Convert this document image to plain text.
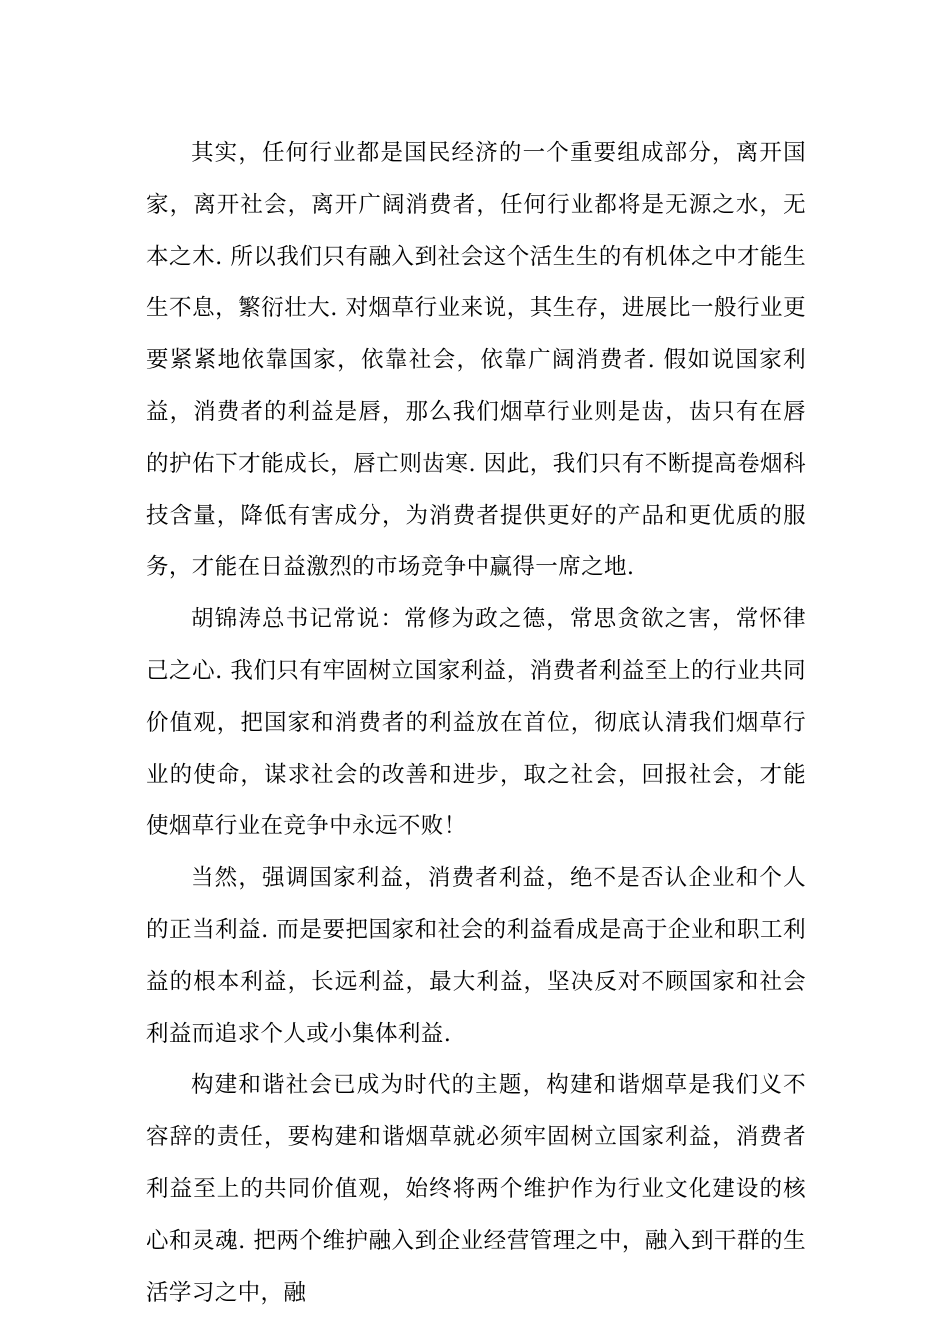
其实，任何行业都是国民经济的一个重要组成部分，离开国家，离开社会，离开广阔消费者，任何行业都将是无源之水，无本之木. 所以我们只有融入到社会这个活生生的有机体之中才能生生不息，繁衍壮大. 对烟草行业来说，其生存，进展比一般行业更要紧紧地依靠国家，依靠社会，依靠广阔消费者. 假如说国家利益，消费者的利益是唇，那么我们烟草行业则是齿，齿只有在唇的护佑下才能成长，唇亡则齿寒. 因此，我们只有不断提高卷烟科技含量，降低有害成分，为消费者提供更好的产品和更优质的服务，才能在日益激烈的市场竞争中赢得一席之地.

胡锦涛总书记常说：常修为政之德，常思贪欲之害，常怀律己之心. 我们只有牢固树立国家利益，消费者利益至上的行业共同价值观，把国家和消费者的利益放在首位，彻底认清我们烟草行业的使命，谋求社会的改善和进步，取之社会，回报社会，才能使烟草行业在竞争中永远不败！

当然，强调国家利益，消费者利益，绝不是否认企业和个人的正当利益. 而是要把国家和社会的利益看成是高于企业和职工利益的根本利益，长远利益，最大利益，坚决反对不顾国家和社会利益而追求个人或小集体利益.

构建和谐社会已成为时代的主题，构建和谐烟草是我们义不容辞的责任，要构建和谐烟草就必须牢固树立国家利益，消费者利益至上的共同价值观，始终将两个维护作为行业文化建设的核心和灵魂. 把两个维护融入到企业经营管理之中，融入到干群的生活学习之中，融
